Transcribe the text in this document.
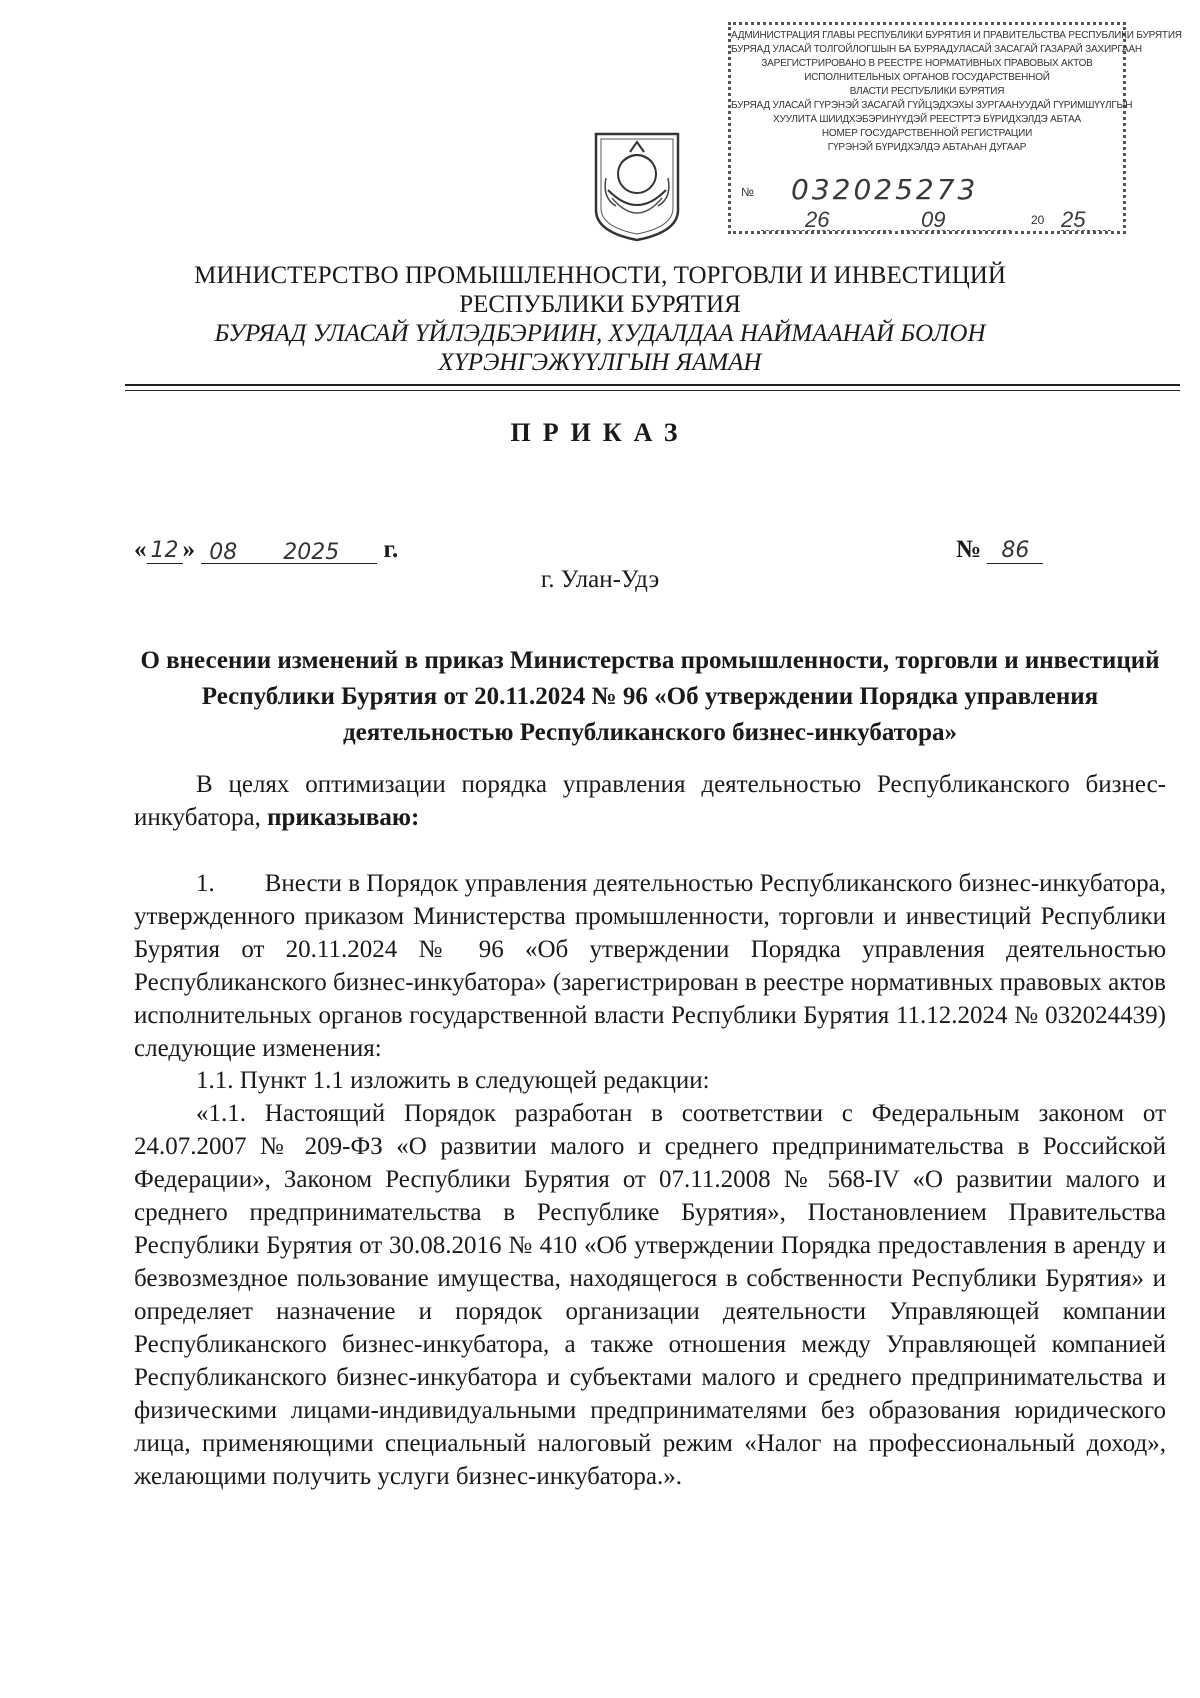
АДМИНИСТРАЦИЯ ГЛАВЫ РЕСПУБЛИКИ БУРЯТИЯ И ПРАВИТЕЛЬСТВА РЕСПУБЛИКИ БУРЯТИЯ
БУРЯАД УЛАСАЙ ТОЛГОЙЛОГШЫН БА БУРЯАДУЛАСАЙ ЗАСАГАЙ ГАЗАРАЙ ЗАХИРГААН
ЗАРЕГИСТРИРОВАНО В РЕЕСТРЕ НОРМАТИВНЫХ ПРАВОВЫХ АКТОВ
ИСПОЛНИТЕЛЬНЫХ ОРГАНОВ ГОСУДАРСТВЕННОЙ
ВЛАСТИ РЕСПУБЛИКИ БУРЯТИЯ
БУРЯАД УЛАСАЙ ГҮРЭНЭЙ ЗАСАГАЙ ГҮЙЦЭДХЭХЫ ЗУРГААНУУДАЙ ГҮРИМШҮҮЛГЫН
ХУУЛИТА ШИИДХЭБЭРИНҮҮДЭЙ РЕЕСТРТЭ БҮРИДХЭЛДЭ АБТАА
НОМЕР ГОСУДАРСТВЕННОЙ РЕГИСТРАЦИИ
ГҮРЭНЭЙ БҮРИДХЭЛДЭ АБТАҺАН ДУГААР
№ 032025273
26	09	20 25
МИНИСТЕРСТВО ПРОМЫШЛЕННОСТИ, ТОРГОВЛИ И ИНВЕСТИЦИЙ
РЕСПУБЛИКИ БУРЯТИЯ
БУРЯАД УЛАСАЙ ҮЙЛЭДБЭРИИН, ХУДАЛДАА НАЙМААНАЙ БОЛОН
ХҮРЭНГЭЖҮҮЛГЫН ЯАМАН
ПРИКАЗ
« 12 » 08 2025 г.	№ 86
г. Улан-Удэ
О внесении изменений в приказ Министерства промышленности, торговли и инвестиций Республики Бурятия от 20.11.2024 № 96 «Об утверждении Порядка управления деятельностью Республиканского бизнес-инкубатора»
В целях оптимизации порядка управления деятельностью Республиканского бизнес-инкубатора, приказываю:
1.  Внести в Порядок управления деятельностью Республиканского бизнес-инкубатора, утвержденного приказом Министерства промышленности, торговли и инвестиций Республики Бурятия от 20.11.2024 № 96 «Об утверждении Порядка управления деятельностью Республиканского бизнес-инкубатора» (зарегистрирован в реестре нормативных правовых актов исполнительных органов государственной власти Республики Бурятия 11.12.2024 № 032024439) следующие изменения:
1.1. Пункт 1.1 изложить в следующей редакции:
«1.1. Настоящий Порядок разработан в соответствии с Федеральным законом от 24.07.2007 № 209-ФЗ «О развитии малого и среднего предпринимательства в Российской Федерации», Законом Республики Бурятия от 07.11.2008 № 568-IV «О развитии малого и среднего предпринимательства в Республике Бурятия», Постановлением Правительства Республики Бурятия от 30.08.2016 № 410 «Об утверждении Порядка предоставления в аренду и безвозмездное пользование имущества, находящегося в собственности Республики Бурятия» и определяет назначение и порядок организации деятельности Управляющей компании Республиканского бизнес-инкубатора, а также отношения между Управляющей компанией Республиканского бизнес-инкубатора и субъектами малого и среднего предпринимательства и физическими лицами-индивидуальными предпринимателями без образования юридического лица, применяющими специальный налоговый режим «Налог на профессиональный доход», желающими получить услуги бизнес-инкубатора.».
